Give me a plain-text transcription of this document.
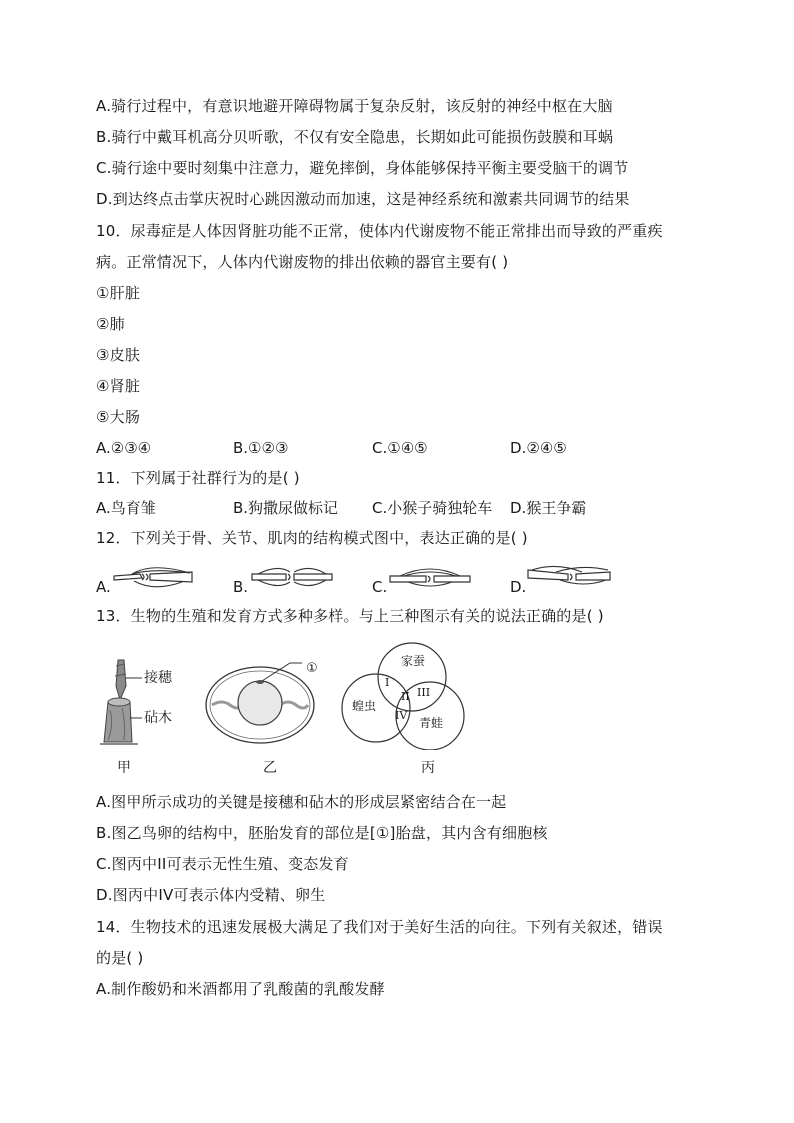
A.骑行过程中，有意识地避开障碍物属于复杂反射，该反射的神经中枢在大脑
B.骑行中戴耳机高分贝听歌，不仅有安全隐患，长期如此可能损伤鼓膜和耳蜗
C.骑行途中要时刻集中注意力，避免摔倒，身体能够保持平衡主要受脑干的调节
D.到达终点击掌庆祝时心跳因激动而加速，这是神经系统和激素共同调节的结果
10．尿毒症是人体因肾脏功能不正常，使体内代谢废物不能正常排出而导致的严重疾
病。正常情况下，人体内代谢废物的排出依赖的器官主要有( )
①肝脏
②肺
③皮肤
④肾脏
⑤大肠
A.②③④	B.①②③	C.①④⑤	D.②④⑤
11．下列属于社群行为的是( )
A.鸟育雏	B.狗撒尿做标记 C.小猴子骑独轮车 D.猴王争霸
12．下列关于骨、关节、肌肉的结构模式图中，表达正确的是( )
A.	B.	C.	D.
13．生物的生殖和发育方式多种多样。与上三种图示有关的说法正确的是( )
接穗
砧木
甲
①
乙
家蚕
蝗虫
青蛙
I
II III
IV
丙
A.图甲所示成功的关键是接穗和砧木的形成层紧密结合在一起
B.图乙鸟卵的结构中，胚胎发育的部位是[①]胎盘，其内含有细胞核
C.图丙中II可表示无性生殖、变态发育
D.图丙中IV可表示体内受精、卵生
14．生物技术的迅速发展极大满足了我们对于美好生活的向往。下列有关叙述，错误
的是( )
A.制作酸奶和米酒都用了乳酸菌的乳酸发酵
